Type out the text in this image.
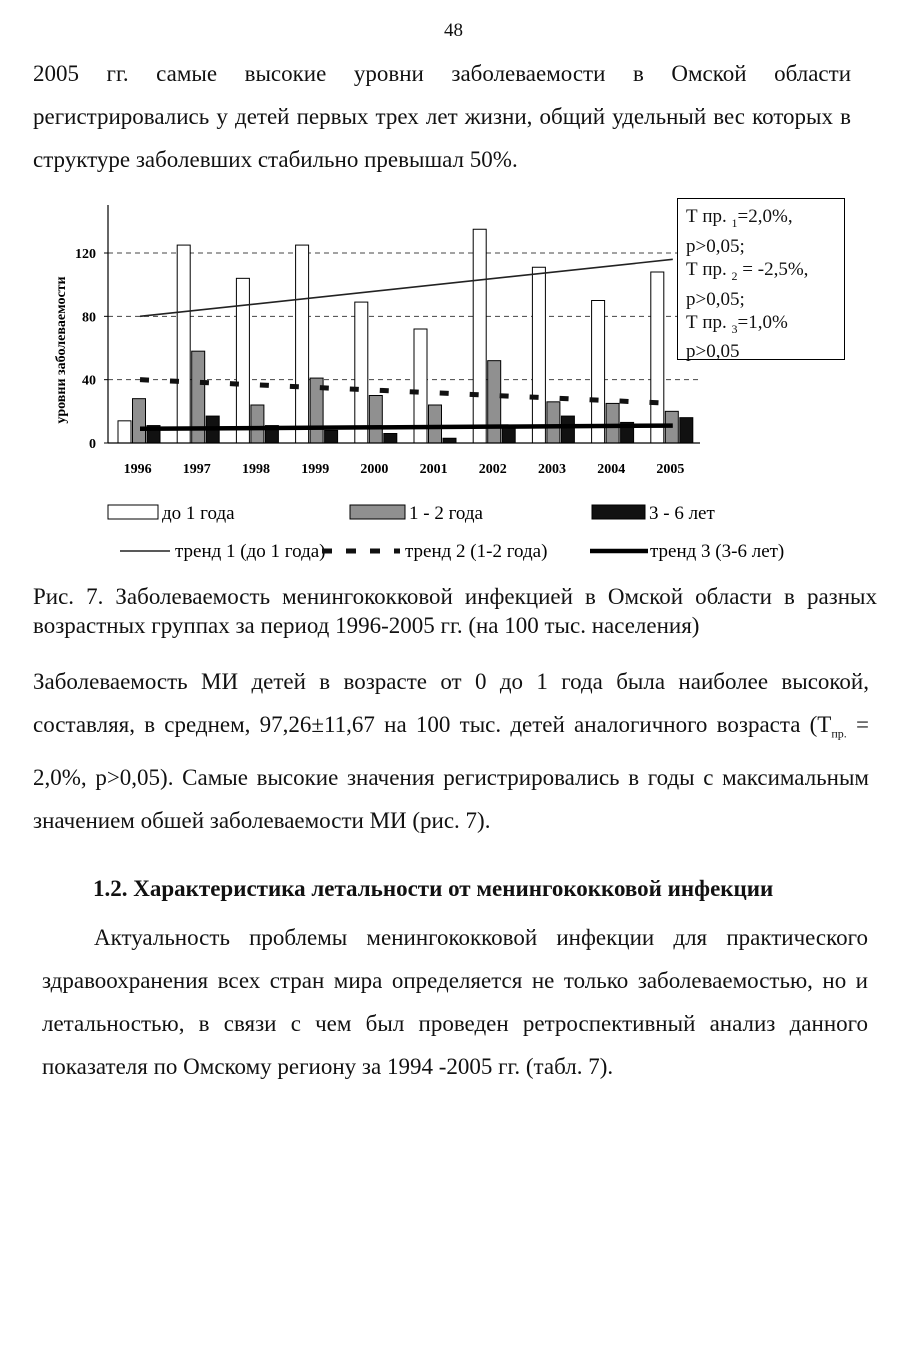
48

2005 гг. самые высокие уровни заболеваемости в Омской области регистрировались у детей первых трех лет жизни, общий удельный вес которых в структуре заболевших стабильно превышал 50%.

0
40
80
120
1996 1997 1998 1999 2000 2001 2002 2003 2004 2005
уровни заболеваемости
до 1 года	1 - 2 года	3 - 6 лет
тренд 1 (до 1 года)	тренд 2 (1-2 года)	тренд 3 (3-6 лет)
Т пр. $_1$=2,0%,
р>0,05;
Т пр. $_2$ = -2,5%,
р>0,05;
Т пр. $_3$=1,0%
р>0,05

Рис. 7. Заболеваемость менингококковой инфекцией в Омской области в разных возрастных группах за период 1996-2005 гг. (на 100 тыс. населения)

Заболеваемость МИ детей в возрасте от 0 до 1 года была наиболее высокой, составляя, в среднем, 97,26±11,67 на 100 тыс. детей аналогичного возраста ($Т_{пр.} = 2,0\%$, р>0,05). Самые высокие значения регистрировались в годы с максимальным значением обшей заболеваемости МИ (рис. 7).

1.2. Характеристика летальности от менингококковой инфекции

Актуальность проблемы менингококковой инфекции для практического здравоохранения всех стран мира определяется не только заболеваемостью, но и летальностью, в связи с чем был проведен ретроспективный анализ данного показателя по Омскому региону за 1994 -2005 гг. (табл. 7).
